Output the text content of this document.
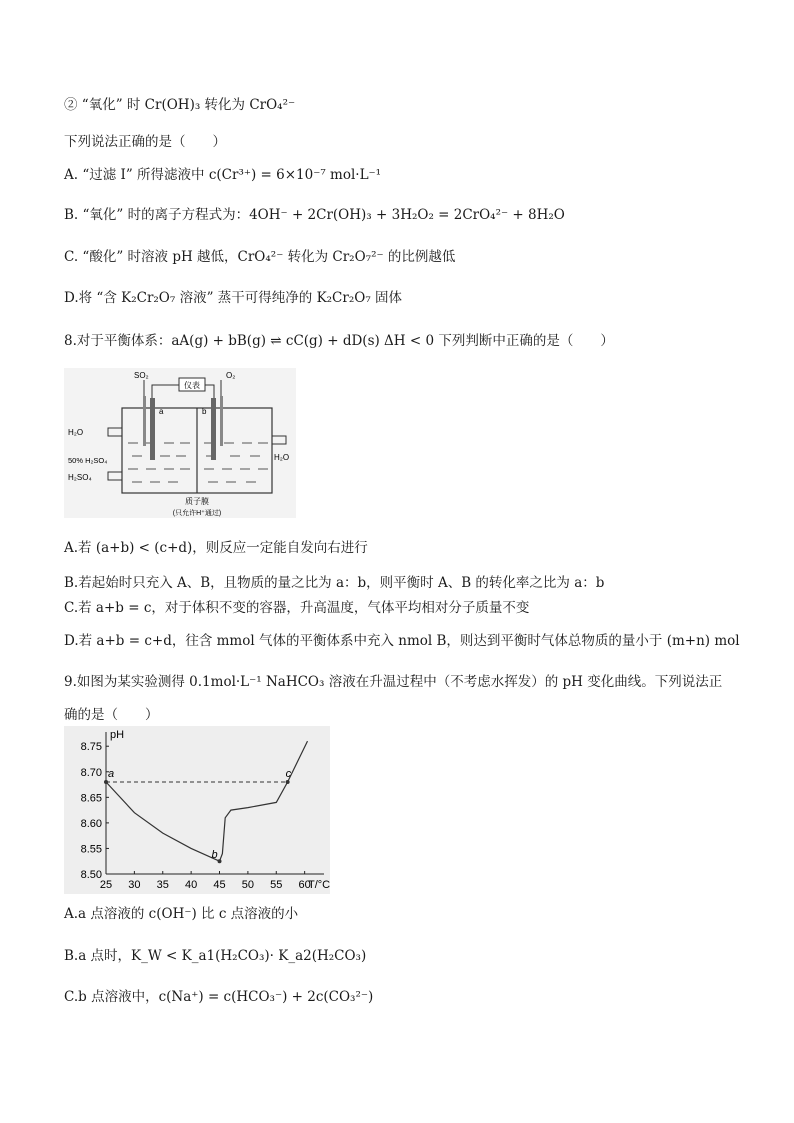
② “氧化” 时 Cr(OH)₃ 转化为 CrO₄²⁻
下列说法正确的是（　　）
A. “过滤 I” 所得滤液中 c(Cr³⁺) = 6×10⁻⁷ mol·L⁻¹
B. “氧化” 时的离子方程式为：4OH⁻ + 2Cr(OH)₃ + 3H₂O₂ = 2CrO₄²⁻ + 8H₂O
C. “酸化” 时溶液 pH 越低，CrO₄²⁻ 转化为 Cr₂O₇²⁻ 的比例越低
D.将 “含 K₂Cr₂O₇ 溶液” 蒸干可得纯净的 K₂Cr₂O₇ 固体
8.对于平衡体系：aA(g) + bB(g) ⇌ cC(g) + dD(s) ΔH < 0 下列判断中正确的是（　　）
仪表
a	b
SO₂	O₂
H₂O
50% H₂SO₄
H₂SO₄
H₂O
质子膜
(只允许H⁺通过)
A.若 (a+b) < (c+d)，则反应一定能自发向右进行
B.若起始时只充入 A、B，且物质的量之比为 a：b，则平衡时 A、B 的转化率之比为 a：b
C.若 a+b = c，对于体积不变的容器，升高温度，气体平均相对分子质量不变
D.若 a+b = c+d，往含 mmol 气体的平衡体系中充入 nmol B，则达到平衡时气体总物质的量小于 (m+n) mol
9.如图为某实验测得 0.1mol·L⁻¹ NaHCO₃ 溶液在升温过程中（不考虑水挥发）的 pH 变化曲线。下列说法正
确的是（　　）
pH
T/°C
25 30 35 40 45 50 55 60
8.50
8.55
8.60
8.65
8.70
8.75
a
b
c
A.a 点溶液的 c(OH⁻) 比 c 点溶液的小
B.a 点时，K_W < K_a1(H₂CO₃)· K_a2(H₂CO₃)
C.b 点溶液中，c(Na⁺) = c(HCO₃⁻) + 2c(CO₃²⁻)
